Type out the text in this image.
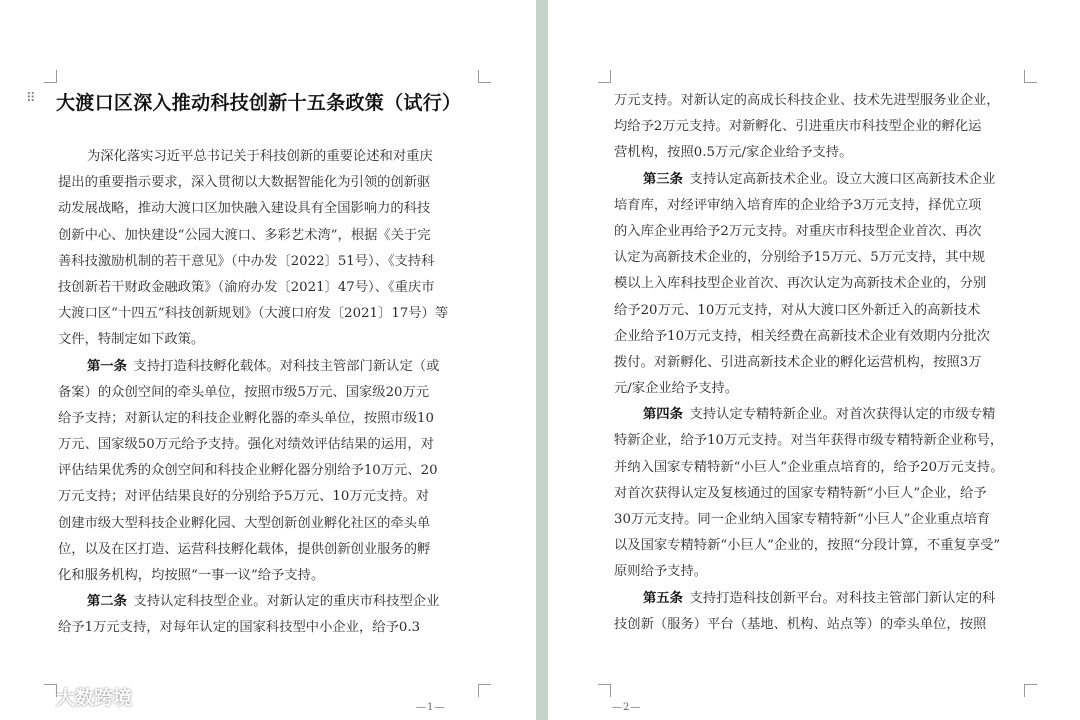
⠿ 大渡口区深入推动科技创新十五条政策（试行）
为深化落实习近平总书记关于科技创新的重要论述和对重庆
提出的重要指示要求，深入贯彻以大数据智能化为引领的创新驱
动发展战略，推动大渡口区加快融入建设具有全国影响力的科技
创新中心、加快建设“公园大渡口、多彩艺术湾”，根据《关于完
善科技激励机制的若干意见》（中办发〔2022〕51号）、《支持科
技创新若干财政金融政策》（渝府办发〔2021〕47号）、《重庆市
大渡口区“十四五”科技创新规划》（大渡口府发〔2021〕17号）等
文件，特制定如下政策。
第一条  支持打造科技孵化载体。对科技主管部门新认定（或
备案）的众创空间的牵头单位，按照市级5万元、国家级20万元
给予支持；对新认定的科技企业孵化器的牵头单位，按照市级10
万元、国家级50万元给予支持。强化对绩效评估结果的运用，对
评估结果优秀的众创空间和科技企业孵化器分别给予10万元、20
万元支持；对评估结果良好的分别给予5万元、10万元支持。对
创建市级大型科技企业孵化园、大型创新创业孵化社区的牵头单
位，以及在区打造、运营科技孵化载体，提供创新创业服务的孵
化和服务机构，均按照“一事一议”给予支持。
第二条  支持认定科技型企业。对新认定的重庆市科技型企业
给予1万元支持，对每年认定的国家科技型中小企业，给予0.3
—1—
万元支持。对新认定的高成长科技企业、技术先进型服务业企业，
均给予2万元支持。对新孵化、引进重庆市科技型企业的孵化运
营机构，按照0.5万元/家企业给予支持。
第三条  支持认定高新技术企业。设立大渡口区高新技术企业
培育库，对经评审纳入培育库的企业给予3万元支持，择优立项
的入库企业再给予2万元支持。对重庆市科技型企业首次、再次
认定为高新技术企业的，分别给予15万元、5万元支持，其中规
模以上入库科技型企业首次、再次认定为高新技术企业的，分别
给予20万元、10万元支持，对从大渡口区外新迁入的高新技术
企业给予10万元支持，相关经费在高新技术企业有效期内分批次
拨付。对新孵化、引进高新技术企业的孵化运营机构，按照3万
元/家企业给予支持。
第四条  支持认定专精特新企业。对首次获得认定的市级专精
特新企业，给予10万元支持。对当年获得市级专精特新企业称号，
并纳入国家专精特新“小巨人”企业重点培育的，给予20万元支持。
对首次获得认定及复核通过的国家专精特新“小巨人”企业，给予
30万元支持。同一企业纳入国家专精特新“小巨人”企业重点培育
以及国家专精特新“小巨人”企业的，按照“分段计算，不重复享受”
原则给予支持。
第五条  支持打造科技创新平台。对科技主管部门新认定的科
技创新（服务）平台（基地、机构、站点等）的牵头单位，按照
—2—
大数跨境
